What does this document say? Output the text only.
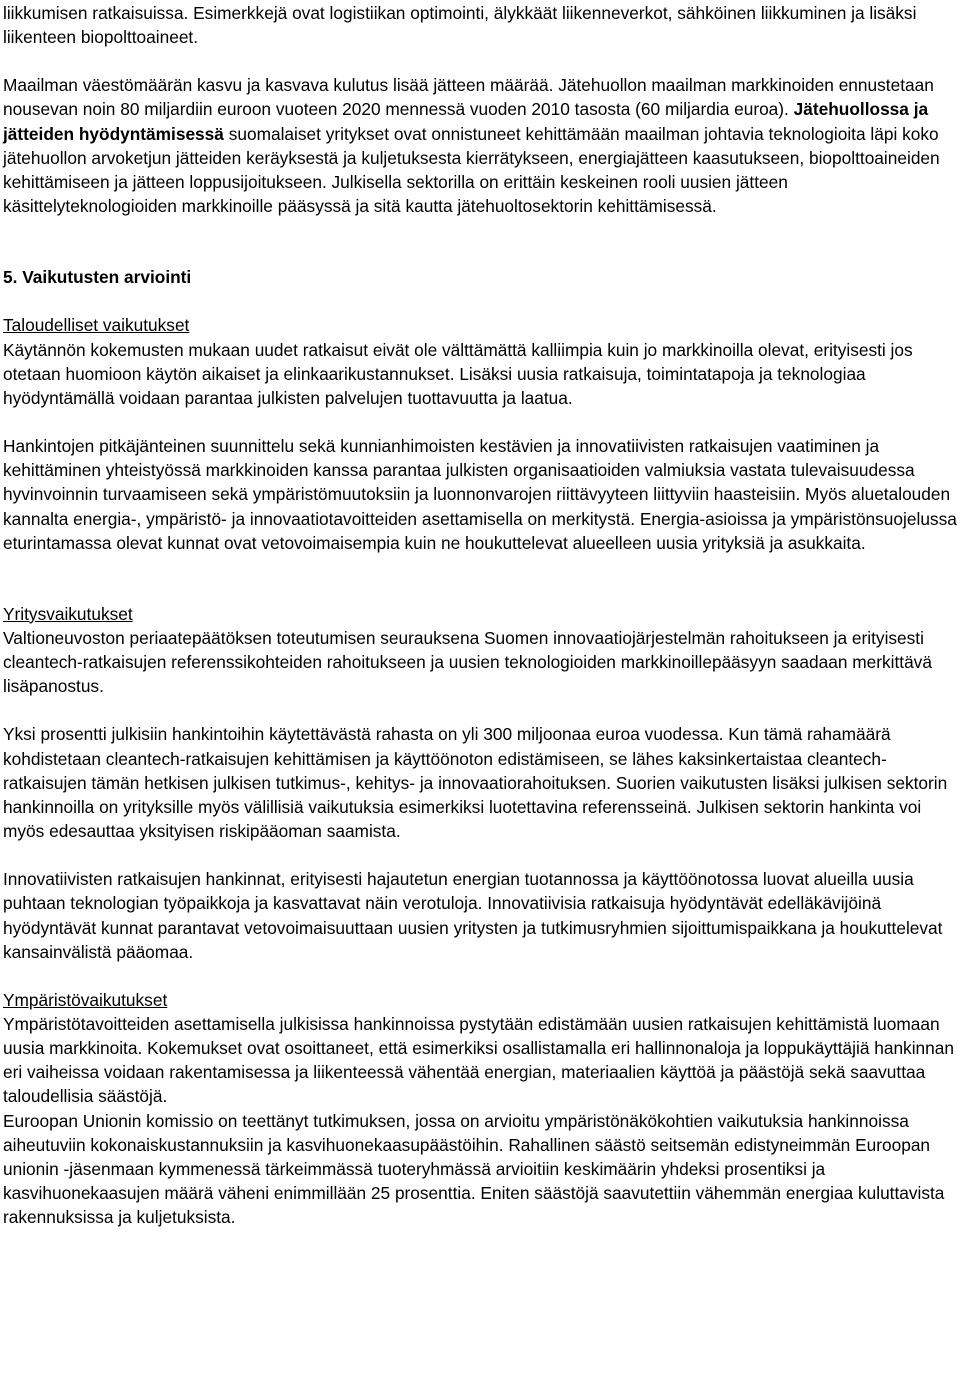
liikkumisen ratkaisuissa. Esimerkkejä ovat logistiikan optimointi, älykkäät liikenneverkot, sähköinen liikkuminen ja lisäksi liikenteen biopolttoaineet.

Maailman väestömäärän kasvu ja kasvava kulutus lisää jätteen määrää. Jätehuollon maailman markkinoiden ennustetaan nousevan noin 80 miljardiin euroon vuoteen 2020 mennessä vuoden 2010 tasosta (60 miljardia euroa). Jätehuollossa ja jätteiden hyödyntämisessä suomalaiset yritykset ovat onnistuneet kehittämään maailman johtavia teknologioita läpi koko jätehuollon arvoketjun jätteiden keräyksestä ja kuljetuksesta kierrätykseen, energiajätteen kaasutukseen, biopolttoaineiden kehittämiseen ja jätteen loppusijoitukseen. Julkisella sektorilla on erittäin keskeinen rooli uusien jätteen käsittelyteknologioiden markkinoille pääsyssä ja sitä kautta jätehuoltosektorin kehittämisessä.

5. Vaikutusten arviointi

Taloudelliset vaikutukset

Käytännön kokemusten mukaan uudet ratkaisut eivät ole välttämättä kalliimpia kuin jo markkinoilla olevat, erityisesti jos otetaan huomioon käytön aikaiset ja elinkaarikustannukset. Lisäksi uusia ratkaisuja, toimintatapoja ja teknologiaa hyödyntämällä voidaan parantaa julkisten palvelujen tuottavuutta ja laatua.

Hankintojen pitkäjänteinen suunnittelu sekä kunnianhimoisten kestävien ja innovatiivisten ratkaisujen vaatiminen ja kehittäminen yhteistyössä markkinoiden kanssa parantaa julkisten organisaatioiden valmiuksia vastata tulevaisuudessa hyvinvoinnin turvaamiseen sekä ympäristömuutoksiin ja luonnonvarojen riittävyyteen liittyviin haasteisiin. Myös aluetalouden kannalta energia-, ympäristö- ja innovaatiotavoitteiden asettamisella on merkitystä. Energia-asioissa ja ympäristönsuojelussa eturintamassa olevat kunnat ovat vetovoimaisempia kuin ne houkuttelevat alueelleen uusia yrityksiä ja asukkaita.

Yritysvaikutukset

Valtioneuvoston periaatepäätöksen toteutumisen seurauksena Suomen innovaatiojärjestelmän rahoitukseen ja erityisesti cleantech-ratkaisujen referenssikohteiden rahoitukseen ja uusien teknologioiden markkinoillepääsyyn saadaan merkittävä lisäpanostus.

Yksi prosentti julkisiin hankintoihin käytettävästä rahasta on yli 300 miljoonaa euroa vuodessa. Kun tämä rahamäärä kohdistetaan cleantech-ratkaisujen kehittämisen ja käyttöönoton edistämiseen, se lähes kaksinkertaistaa cleantech-ratkaisujen tämän hetkisen julkisen tutkimus-, kehitys- ja innovaatiorahoituksen. Suorien vaikutusten lisäksi julkisen sektorin hankinnoilla on yrityksille myös välillisiä vaikutuksia esimerkiksi luotettavina referensseinä. Julkisen sektorin hankinta voi myös edesauttaa yksityisen riskipääoman saamista.

Innovatiivisten ratkaisujen hankinnat, erityisesti hajautetun energian tuotannossa ja käyttöönotossa luovat alueilla uusia puhtaan teknologian työpaikkoja ja kasvattavat näin verotuloja. Innovatiivisia ratkaisuja hyödyntävät edelläkävijöinä hyödyntävät kunnat parantavat vetovoimaisuuttaan uusien yritysten ja tutkimusryhmien sijoittumispaikkana ja houkuttelevat kansainvälistä pääomaa.

Ympäristövaikutukset

Ympäristötavoitteiden asettamisella julkisissa hankinnoissa pystytään edistämään uusien ratkaisujen kehittämistä luomaan uusia markkinoita. Kokemukset ovat osoittaneet, että esimerkiksi osallistamalla eri hallinnonaloja ja loppukäyttäjiä hankinnan eri vaiheissa voidaan rakentamisessa ja liikenteessä vähentää energian, materiaalien käyttöä ja päästöjä sekä saavuttaa taloudellisia säästöjä.

Euroopan Unionin komissio on teettänyt tutkimuksen, jossa on arvioitu ympäristönäkökohtien vaikutuksia hankinnoissa aiheutuviin kokonaiskustannuksiin ja kasvihuonekaasupäästöihin. Rahallinen säästö seitsemän edistyneimmän Euroopan unionin -jäsenmaan kymmenessä tärkeimmässä tuoteryhmässä arvioitiin keskimäärin yhdeksi prosentiksi ja kasvihuonekaasujen määrä väheni enimmillään 25 prosenttia. Eniten säästöjä saavutettiin vähemmän energiaa kuluttavista rakennuksissa ja kuljetuksista.
